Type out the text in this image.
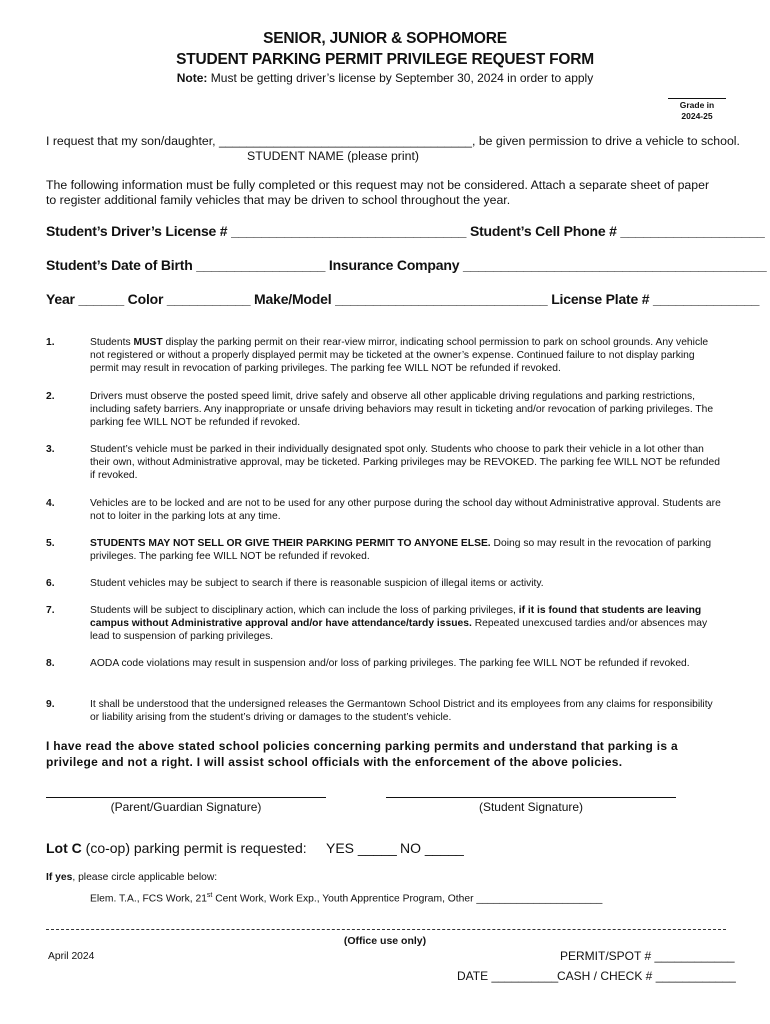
SENIOR, JUNIOR & SOPHOMORE
STUDENT PARKING PERMIT PRIVILEGE REQUEST FORM
Note: Must be getting driver’s license by September 30, 2024 in order to apply
Grade in
2024-25
I request that my son/daughter, _____________________________________, be given permission to drive a vehicle to school.
STUDENT NAME (please print)
The following information must be fully completed or this request may not be considered. Attach a separate sheet of paper
to register additional family vehicles that may be driven to school throughout the year.
Student’s Driver’s License # _______________________________ Student’s Cell Phone # ___________________
Student’s Date of Birth _________________ Insurance Company ________________________________________
Year ______ Color ___________ Make/Model ____________________________ License Plate # ______________
1.	Students MUST display the parking permit on their rear-view mirror, indicating school permission to park on school grounds. Any vehicle not registered or without a properly displayed permit may be ticketed at the owner’s expense. Continued failure to not display parking permit may result in revocation of parking privileges. The parking fee WILL NOT be refunded if revoked.
2.	Drivers must observe the posted speed limit, drive safely and observe all other applicable driving regulations and parking restrictions, including safety barriers. Any inappropriate or unsafe driving behaviors may result in ticketing and/or revocation of parking privileges. The parking fee WILL NOT be refunded if revoked.
3.	Student’s vehicle must be parked in their individually designated spot only. Students who choose to park their vehicle in a lot other than their own, without Administrative approval, may be ticketed. Parking privileges may be REVOKED. The parking fee WILL NOT be refunded if revoked.
4.	Vehicles are to be locked and are not to be used for any other purpose during the school day without Administrative approval. Students are not to loiter in the parking lots at any time.
5.	STUDENTS MAY NOT SELL OR GIVE THEIR PARKING PERMIT TO ANYONE ELSE. Doing so may result in the revocation of parking privileges. The parking fee WILL NOT be refunded if revoked.
6.	Student vehicles may be subject to search if there is reasonable suspicion of illegal items or activity.
7.	Students will be subject to disciplinary action, which can include the loss of parking privileges, if it is found that students are leaving campus without Administrative approval and/or have attendance/tardy issues. Repeated unexcused tardies and/or absences may lead to suspension of parking privileges.
8.	AODA code violations may result in suspension and/or loss of parking privileges. The parking fee WILL NOT be refunded if revoked.
9.	It shall be understood that the undersigned releases the Germantown School District and its employees from any claims for responsibility or liability arising from the student’s driving or damages to the student’s vehicle.
I have read the above stated school policies concerning parking permits and understand that parking is a privilege and not a right. I will assist school officials with the enforcement of the above policies.
(Parent/Guardian Signature)	(Student Signature)
Lot C (co-op) parking permit is requested: YES _____ NO _____
If yes, please circle applicable below:
Elem. T.A., FCS Work, 21st Cent Work, Work Exp., Youth Apprentice Program, Other ______________________
(Office use only)
April 2024	PERMIT/SPOT # ____________
DATE __________
CASH / CHECK # ____________
